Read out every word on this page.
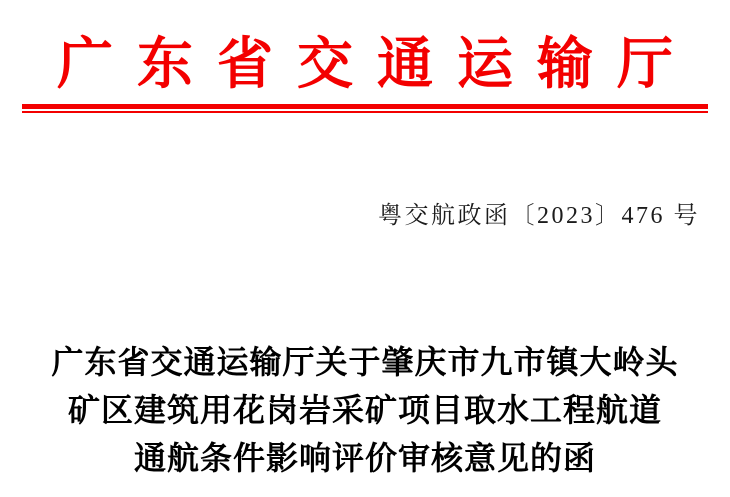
广东省交通运输厅
粤交航政函〔2023〕476 号
广东省交通运输厅关于肇庆市九市镇大岭头
矿区建筑用花岗岩采矿项目取水工程航道
通航条件影响评价审核意见的函
